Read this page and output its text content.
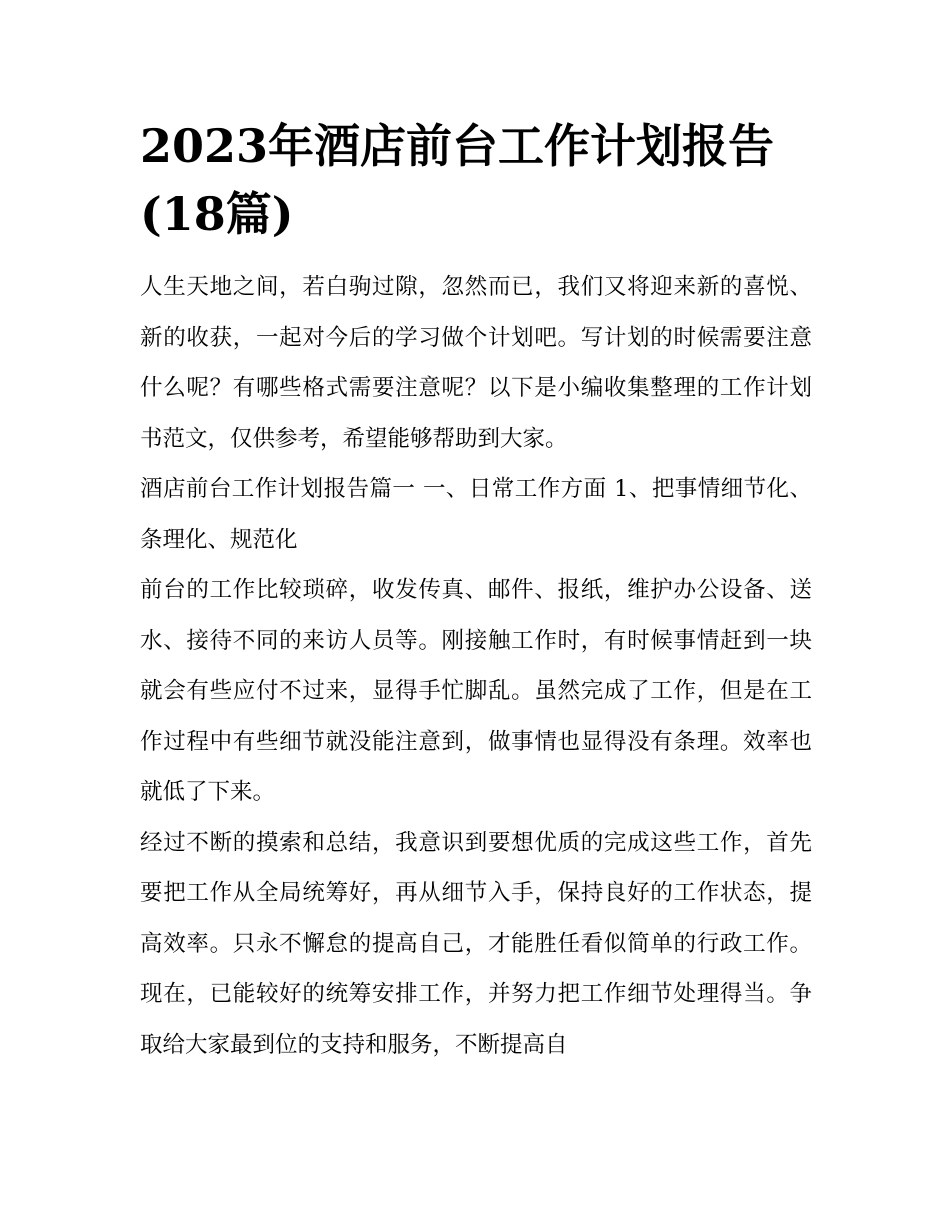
2023年酒店前台工作计划报告(18篇)

人生天地之间，若白驹过隙，忽然而已，我们又将迎来新的喜悦、新的收获，一起对今后的学习做个计划吧。写计划的时候需要注意什么呢？有哪些格式需要注意呢？以下是小编收集整理的工作计划书范文，仅供参考，希望能够帮助到大家。

酒店前台工作计划报告篇一 一、日常工作方面 1、把事情细节化、条理化、规范化

前台的工作比较琐碎，收发传真、邮件、报纸，维护办公设备、送水、接待不同的来访人员等。刚接触工作时，有时候事情赶到一块就会有些应付不过来，显得手忙脚乱。虽然完成了工作，但是在工作过程中有些细节就没能注意到，做事情也显得没有条理。效率也就低了下来。

经过不断的摸索和总结，我意识到要想优质的完成这些工作，首先要把工作从全局统筹好，再从细节入手，保持良好的工作状态，提高效率。只永不懈怠的提高自己，才能胜任看似简单的行政工作。现在，已能较好的统筹安排工作，并努力把工作细节处理得当。争取给大家最到位的支持和服务，不断提高自
